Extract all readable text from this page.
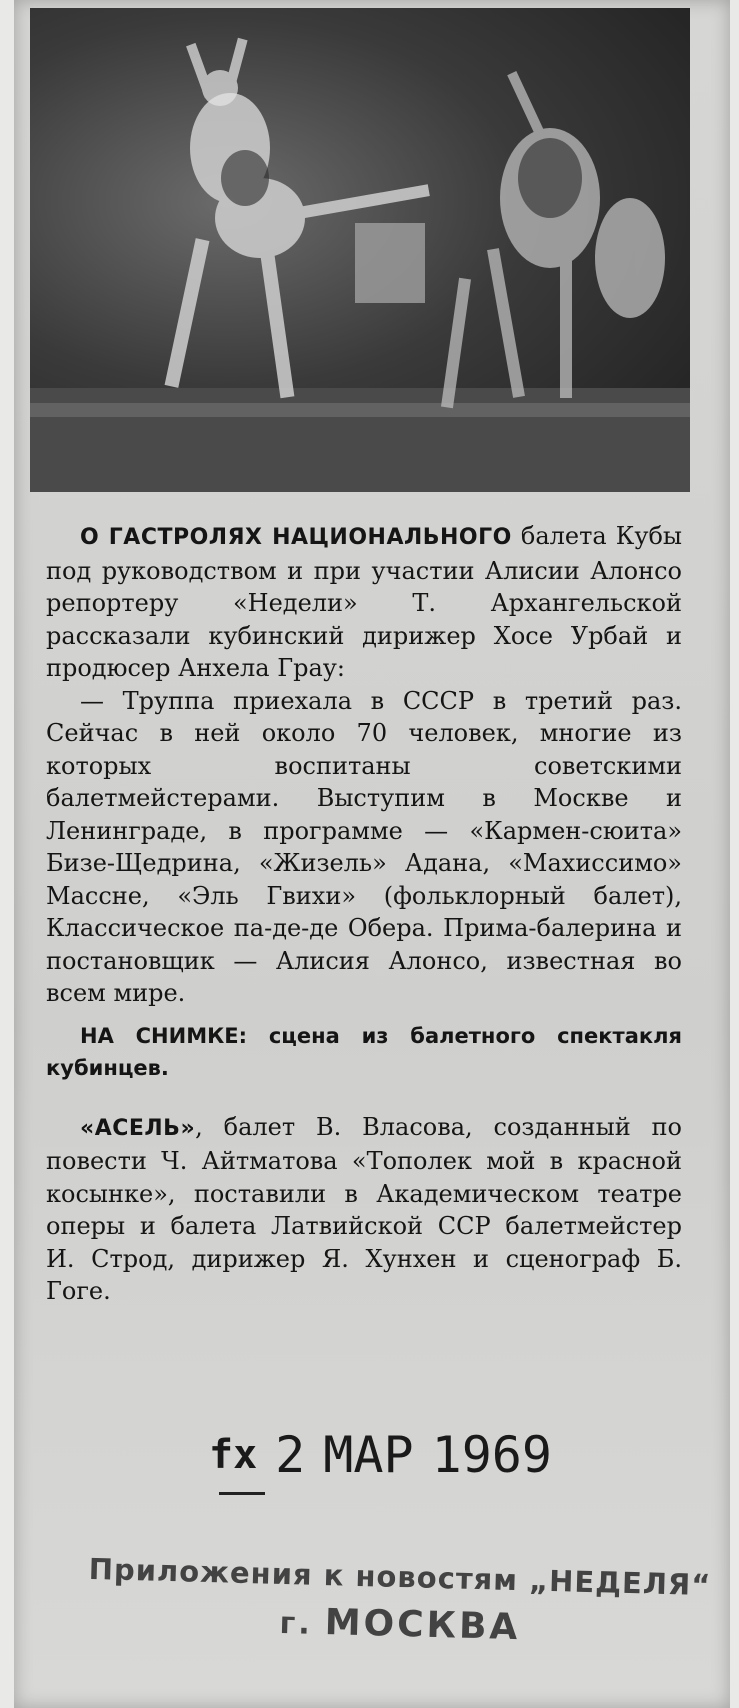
О ГАСТРОЛЯХ НАЦИОНАЛЬНОГО балета Кубы под руководством и при участии Алисии Алонсо репортеру «Недели» Т. Архангельской рассказали кубинский дирижер Хосе Урбай и продюсер Анхела Грау:

— Труппа приехала в СССР в третий раз. Сейчас в ней около 70 человек, многие из которых воспитаны советскими балетмейстерами. Выступим в Москве и Ленинграде, в программе — «Кармен-сюита» Бизе-Щедрина, «Жизель» Адана, «Махиссимо» Массне, «Эль Гвихи» (фольклорный балет), Классическое па-де-де Обера. Прима-балерина и постановщик — Алисия Алонсо, известная во всем мире.

НА СНИМКЕ: сцена из балетного спектакля кубинцев.

«АСЕЛЬ», балет В. Власова, созданный по повести Ч. Айтматова «Тополек мой в красной косынке», поставили в Академическом театре оперы и балета Латвийской ССР балетмейстер И. Строд, дирижер Я. Хунхен и сценограф Б. Гоге.

fx 2 МАР 1969
Приложения к новостям „НЕДЕЛЯ“
г. МОСКВА
